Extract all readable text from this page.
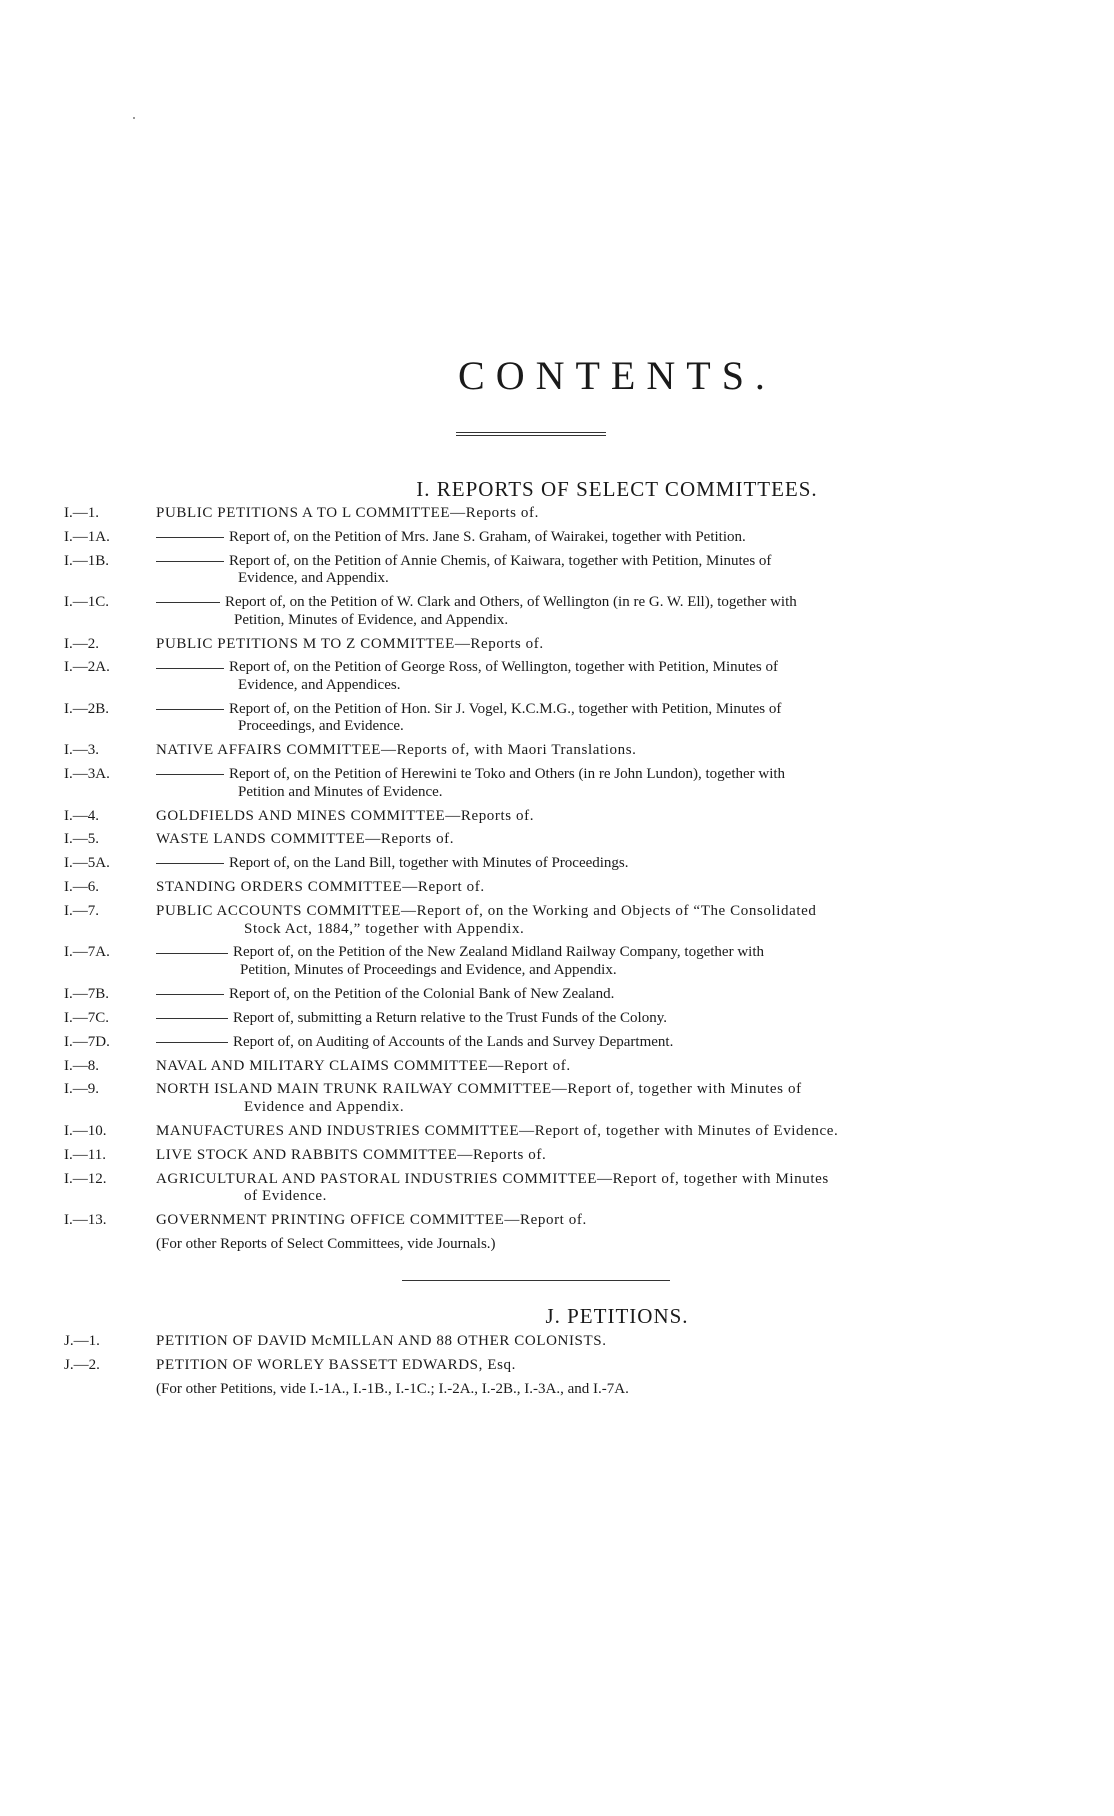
CONTENTS.
I. REPORTS OF SELECT COMMITTEES.
I.—1.	PUBLIC PETITIONS A TO L COMMITTEE—Reports of.
I.—1A.	Report of, on the Petition of Mrs. Jane S. Graham, of Wairakei, together with Petition.
I.—1B.	Report of, on the Petition of Annie Chemis, of Kaiwara, together with Petition, Minutes of
Evidence, and Appendix.
I.—1C.	Report of, on the Petition of W. Clark and Others, of Wellington (in re G. W. Ell), together with
Petition, Minutes of Evidence, and Appendix.
I.—2.	PUBLIC PETITIONS M TO Z COMMITTEE—Reports of.
I.—2A.	Report of, on the Petition of George Ross, of Wellington, together with Petition, Minutes of
Evidence, and Appendices.
I.—2B.	Report of, on the Petition of Hon. Sir J. Vogel, K.C.M.G., together with Petition, Minutes of
Proceedings, and Evidence.
I.—3.	NATIVE AFFAIRS COMMITTEE—Reports of, with Maori Translations.
I.—3A.	Report of, on the Petition of Herewini te Toko and Others (in re John Lundon), together with
Petition and Minutes of Evidence.
I.—4.	GOLDFIELDS AND MINES COMMITTEE—Reports of.
I.—5.	WASTE LANDS COMMITTEE—Reports of.
I.—5A.	Report of, on the Land Bill, together with Minutes of Proceedings.
I.—6.	STANDING ORDERS COMMITTEE—Report of.
I.—7.	PUBLIC ACCOUNTS COMMITTEE—Report of, on the Working and Objects of “The Consolidated
Stock Act, 1884,” together with Appendix.
I.—7A.	Report of, on the Petition of the New Zealand Midland Railway Company, together with
Petition, Minutes of Proceedings and Evidence, and Appendix.
I.—7B.	Report of, on the Petition of the Colonial Bank of New Zealand.
I.—7C.	Report of, submitting a Return relative to the Trust Funds of the Colony.
I.—7D.	Report of, on Auditing of Accounts of the Lands and Survey Department.
I.—8.	NAVAL AND MILITARY CLAIMS COMMITTEE—Report of.
I.—9.	NORTH ISLAND MAIN TRUNK RAILWAY COMMITTEE—Report of, together with Minutes of
Evidence and Appendix.
I.—10.	MANUFACTURES AND INDUSTRIES COMMITTEE—Report of, together with Minutes of Evidence.
I.—11.	LIVE STOCK AND RABBITS COMMITTEE—Reports of.
I.—12.	AGRICULTURAL AND PASTORAL INDUSTRIES COMMITTEE—Report of, together with Minutes
of Evidence.
I.—13.	GOVERNMENT PRINTING OFFICE COMMITTEE—Report of.
(For other Reports of Select Committees, vide Journals.)
J. PETITIONS.
J.—1.	PETITION OF DAVID McMILLAN AND 88 OTHER COLONISTS.
J.—2.	PETITION OF WORLEY BASSETT EDWARDS, Esq.
(For other Petitions, vide I.-1A., I.-1B., I.-1C.; I.-2A., I.-2B., I.-3A., and I.-7A.
